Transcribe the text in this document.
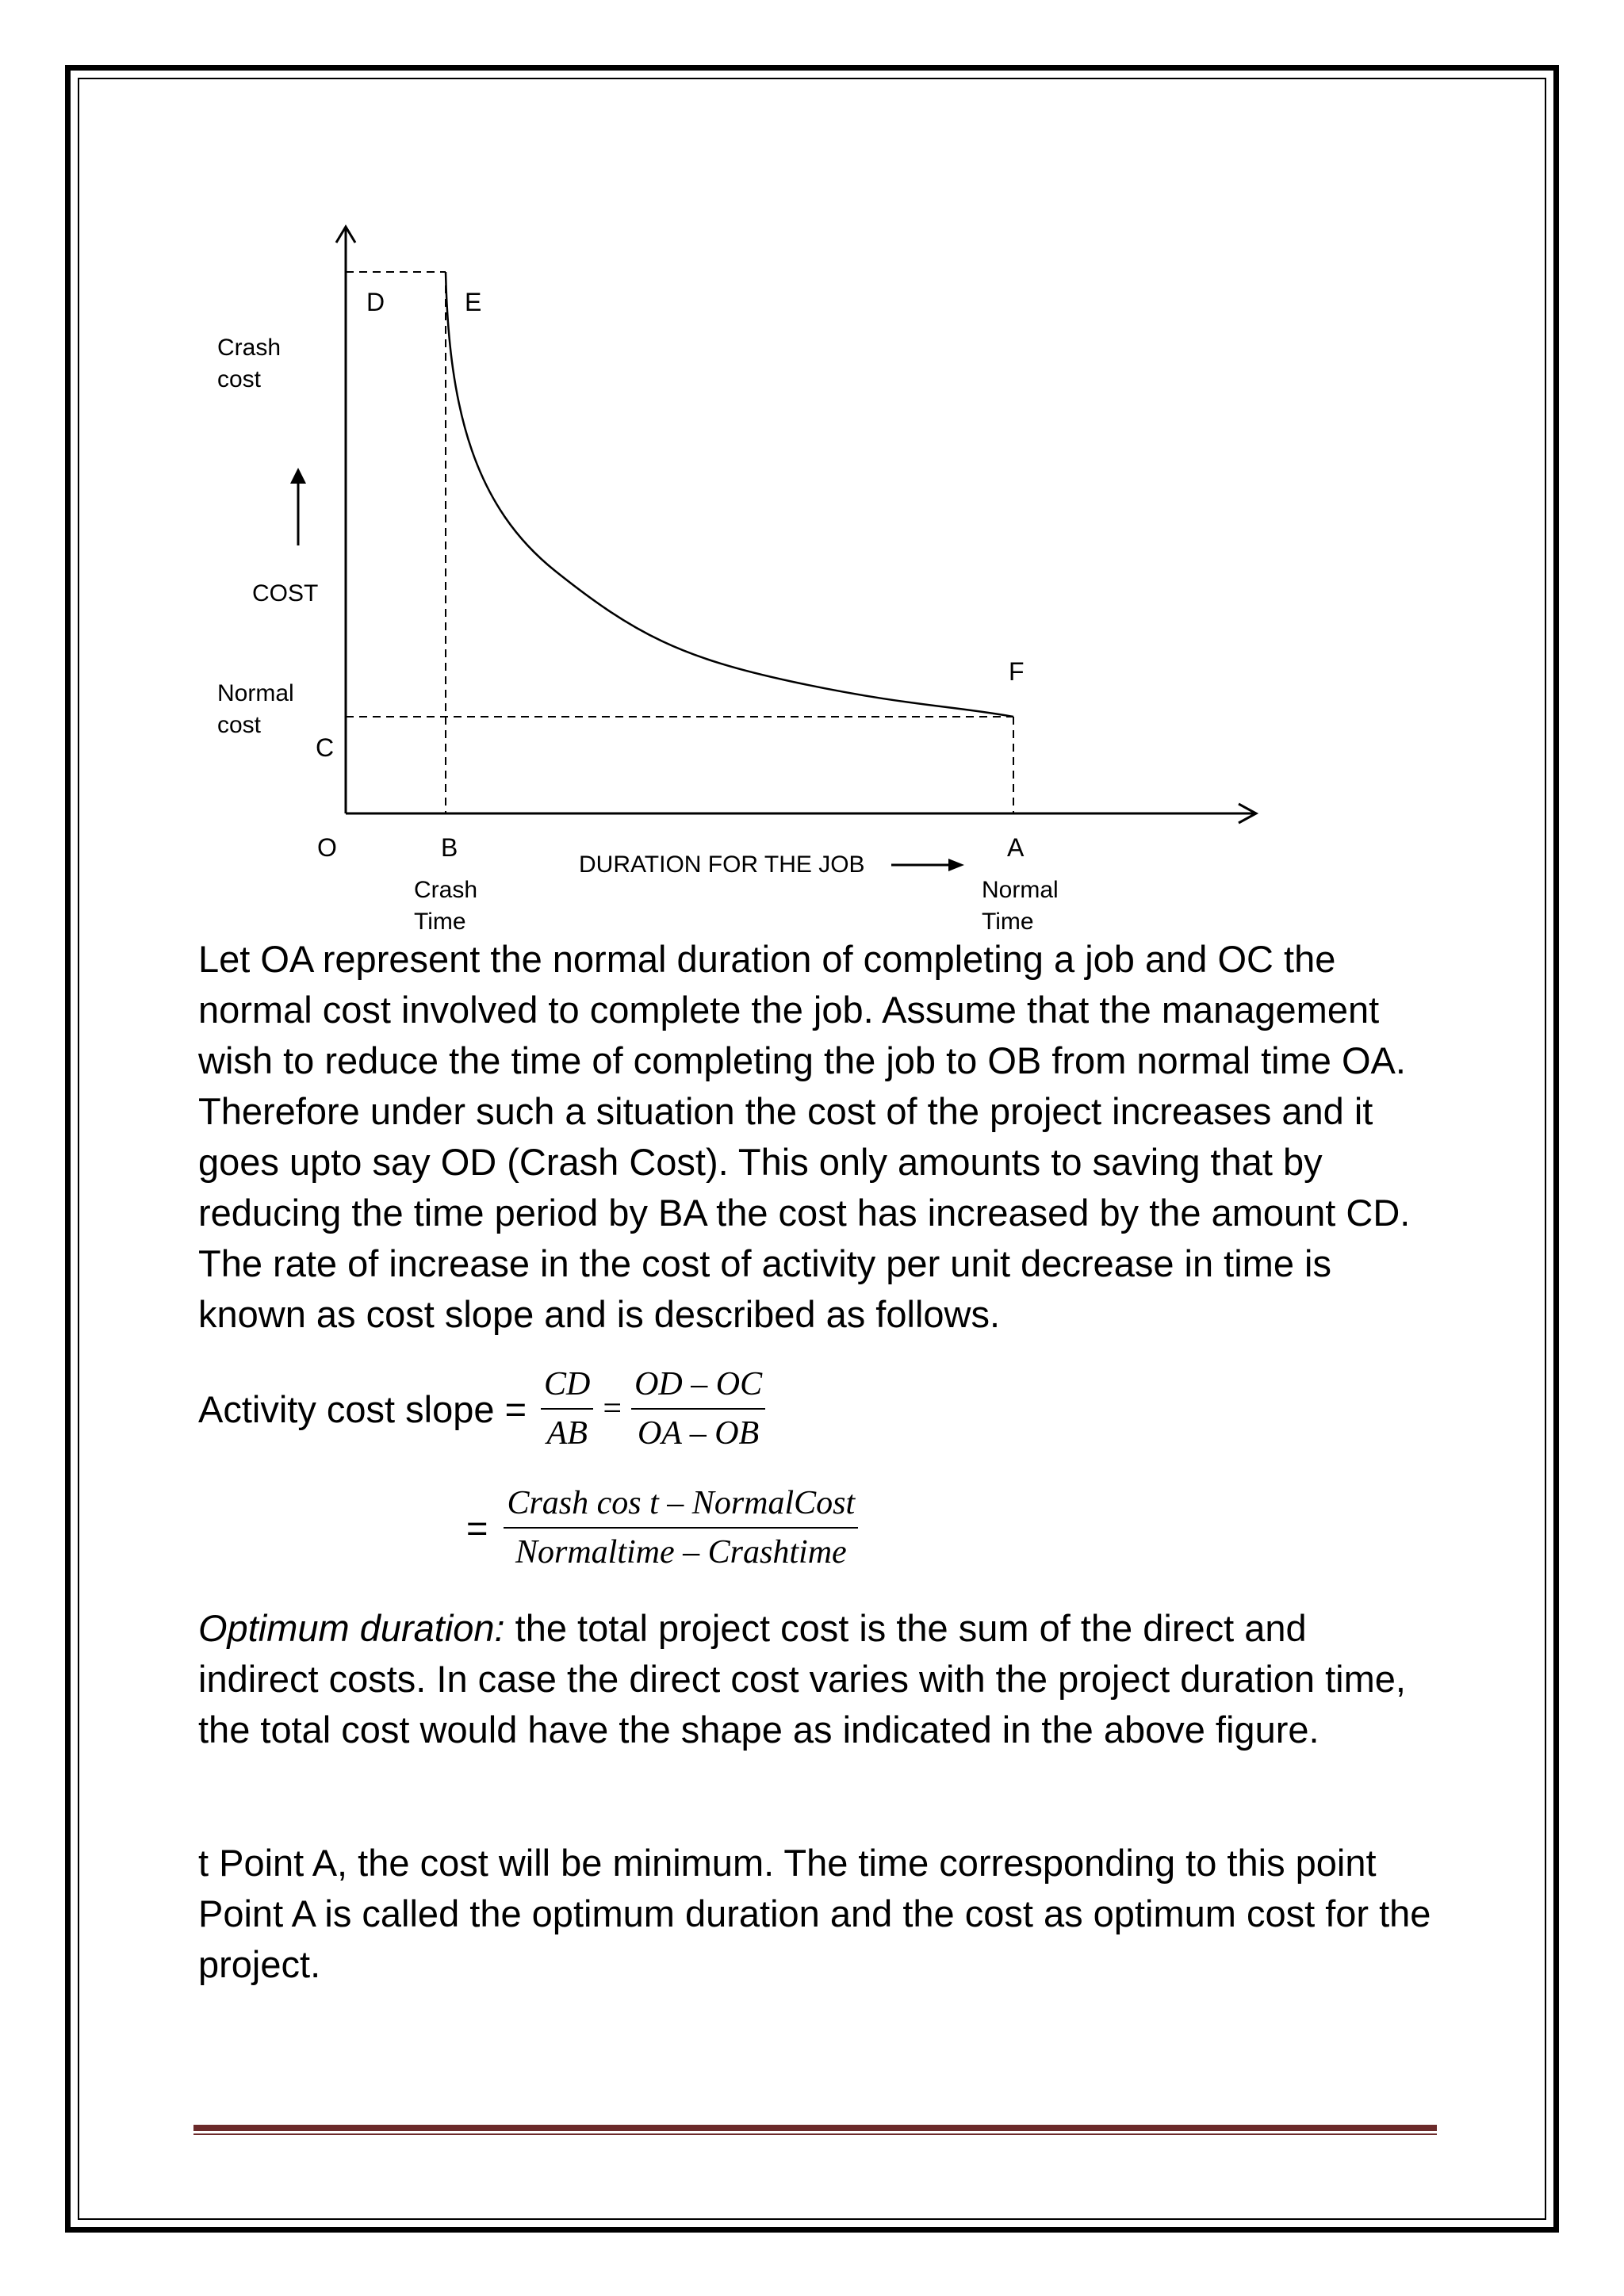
Crash
cost
COST
Normal
cost
D	E
F
C
O	B	A
DURATION FOR THE JOB
Crash
Time
Normal
Time

Let OA represent the normal duration of completing a job and OC the normal cost involved to complete the job. Assume that the management wish to reduce the time of completing the job to OB from normal time OA. Therefore under such a situation the cost of the project increases and it goes upto say OD (Crash Cost). This only amounts to saving that by reducing the time period by BA the cost has increased by the amount CD. The rate of increase in the cost of activity per unit decrease in time is known as cost slope and is described as follows.

Activity cost slope = $\frac{CD}{AB} = \frac{OD - OC}{OA - OB}$
= $\frac{\text{Crash cos t – NormalCost}}{\text{Normaltime – Crashtime}}$

Optimum duration: the total project cost is the sum of the direct and indirect costs. In case the direct cost varies with the project duration time, the total cost would have the shape as indicated in the above figure.

t Point A, the cost will be minimum. The time corresponding to this point Point A is called the optimum duration and the cost as optimum cost for the project.
